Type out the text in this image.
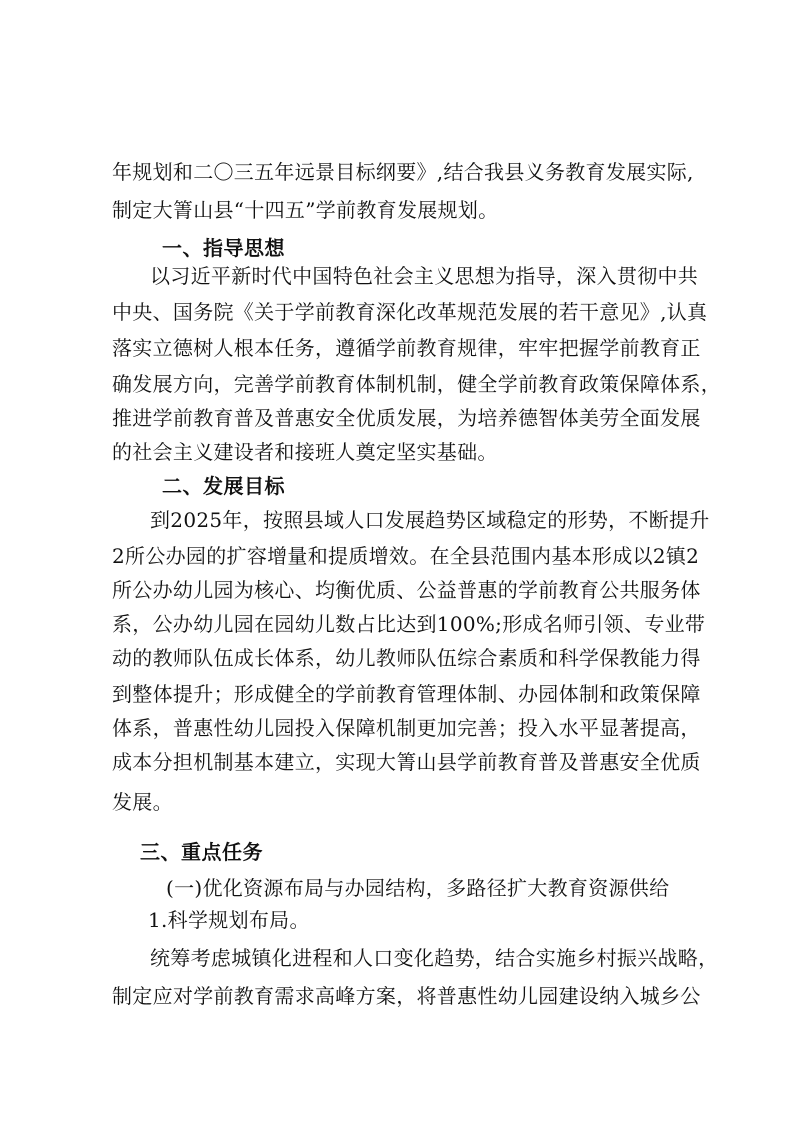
年规划和二〇三五年远景目标纲要》,结合我县义务教育发展实际,
制定大箐山县“十四五”学前教育发展规划。
一、指导思想
以习近平新时代中国特色社会主义思想为指导，深入贯彻中共
中央、国务院《关于学前教育深化改革规范发展的若干意见》,认真
落实立德树人根本任务，遵循学前教育规律，牢牢把握学前教育正
确发展方向，完善学前教育体制机制，健全学前教育政策保障体系，
推进学前教育普及普惠安全优质发展，为培养德智体美劳全面发展
的社会主义建设者和接班人奠定坚实基础。
二、发展目标
到2025年，按照县域人口发展趋势区域稳定的形势，不断提升
2所公办园的扩容增量和提质增效。在全县范围内基本形成以2镇2
所公办幼儿园为核心、均衡优质、公益普惠的学前教育公共服务体
系，公办幼儿园在园幼儿数占比达到100%;形成名师引领、专业带
动的教师队伍成长体系，幼儿教师队伍综合素质和科学保教能力得
到整体提升；形成健全的学前教育管理体制、办园体制和政策保障
体系，普惠性幼儿园投入保障机制更加完善；投入水平显著提高，
成本分担机制基本建立，实现大箐山县学前教育普及普惠安全优质
发展。
三、重点任务
(一)优化资源布局与办园结构，多路径扩大教育资源供给
1.科学规划布局。
统筹考虑城镇化进程和人口变化趋势，结合实施乡村振兴战略，
制定应对学前教育需求高峰方案，将普惠性幼儿园建设纳入城乡公
